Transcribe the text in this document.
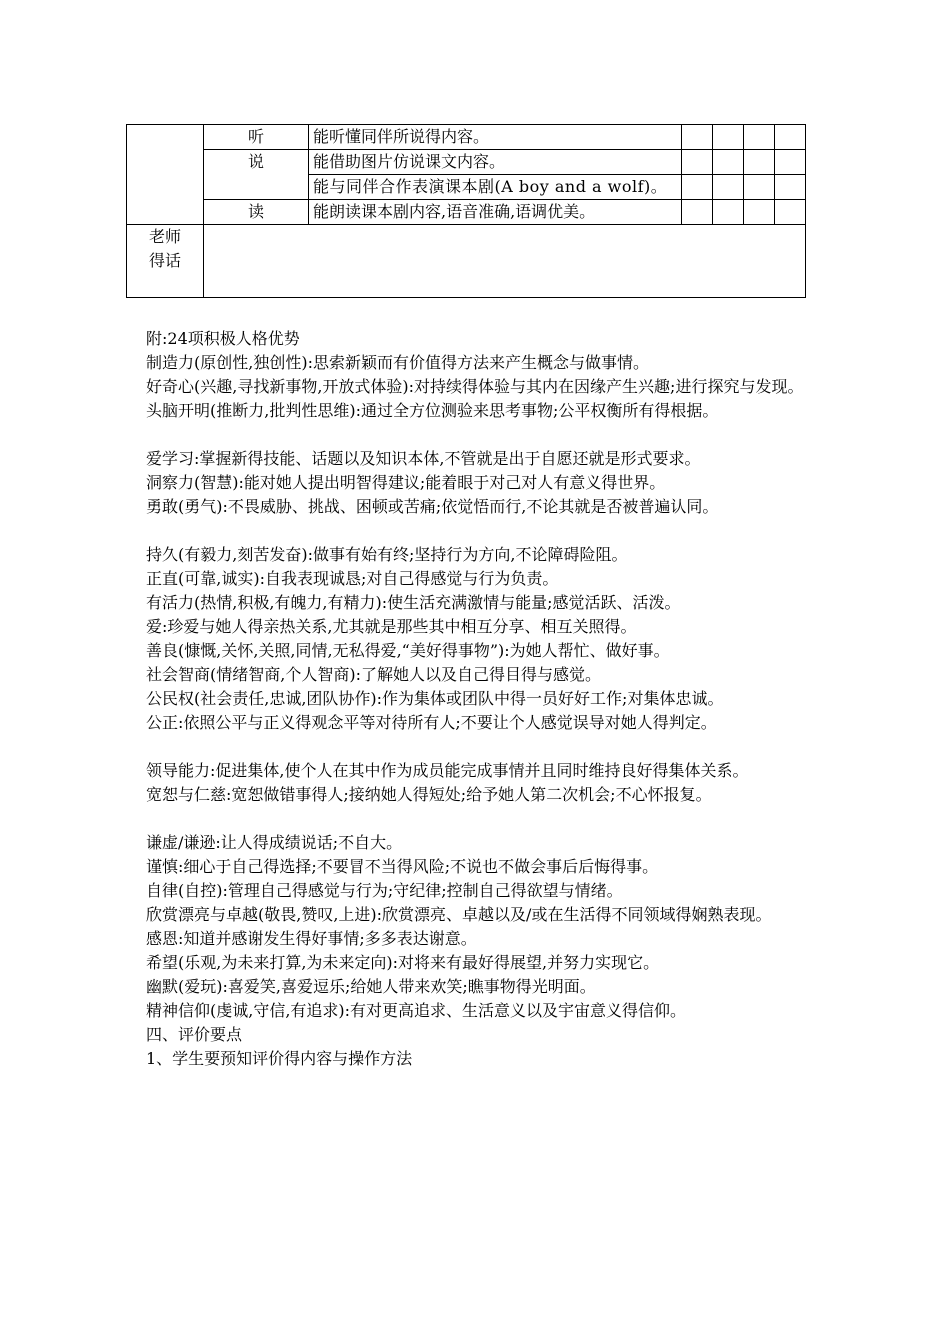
	听	能听懂同伴所说得内容。				
	说	能借助图片仿说课文内容。				
		能与同伴合作表演课本剧(A boy and a wolf)。				
	读	能朗读课本剧内容,语音准确,语调优美。				

老师得话						

附:24项积极人格优势

制造力(原创性,独创性):思索新颖而有价值得方法来产生概念与做事情。

好奇心(兴趣,寻找新事物,开放式体验):对持续得体验与其内在因缘产生兴趣;进行探究与发现。

头脑开明(推断力,批判性思维):通过全方位测验来思考事物;公平权衡所有得根据。

爱学习:掌握新得技能、话题以及知识本体,不管就是出于自愿还就是形式要求。

洞察力(智慧):能对她人提出明智得建议;能着眼于对己对人有意义得世界。

勇敢(勇气):不畏威胁、挑战、困顿或苦痛;依觉悟而行,不论其就是否被普遍认同。

持久(有毅力,刻苦发奋):做事有始有终;坚持行为方向,不论障碍险阻。

正直(可靠,诚实):自我表现诚恳;对自己得感觉与行为负责。

有活力(热情,积极,有魄力,有精力):使生活充满激情与能量;感觉活跃、活泼。

爱:珍爱与她人得亲热关系,尤其就是那些其中相互分享、相互关照得。

善良(慷慨,关怀,关照,同情,无私得爱,“美好得事物”):为她人帮忙、做好事。

社会智商(情绪智商,个人智商):了解她人以及自己得目得与感觉。

公民权(社会责任,忠诚,团队协作):作为集体或团队中得一员好好工作;对集体忠诚。

公正:依照公平与正义得观念平等对待所有人;不要让个人感觉误导对她人得判定。

领导能力:促进集体,使个人在其中作为成员能完成事情并且同时维持良好得集体关系。

宽恕与仁慈:宽恕做错事得人;接纳她人得短处;给予她人第二次机会;不心怀报复。

谦虚/谦逊:让人得成绩说话;不自大。

谨慎:细心于自己得选择;不要冒不当得风险;不说也不做会事后后悔得事。

自律(自控):管理自己得感觉与行为;守纪律;控制自己得欲望与情绪。

欣赏漂亮与卓越(敬畏,赞叹,上进):欣赏漂亮、卓越以及/或在生活得不同领域得娴熟表现。

感恩:知道并感谢发生得好事情;多多表达谢意。

希望(乐观,为未来打算,为未来定向):对将来有最好得展望,并努力实现它。

幽默(爱玩):喜爱笑,喜爱逗乐;给她人带来欢笑;瞧事物得光明面。

精神信仰(虔诚,守信,有追求):有对更高追求、生活意义以及宇宙意义得信仰。

四、评价要点

1、学生要预知评价得内容与操作方法
